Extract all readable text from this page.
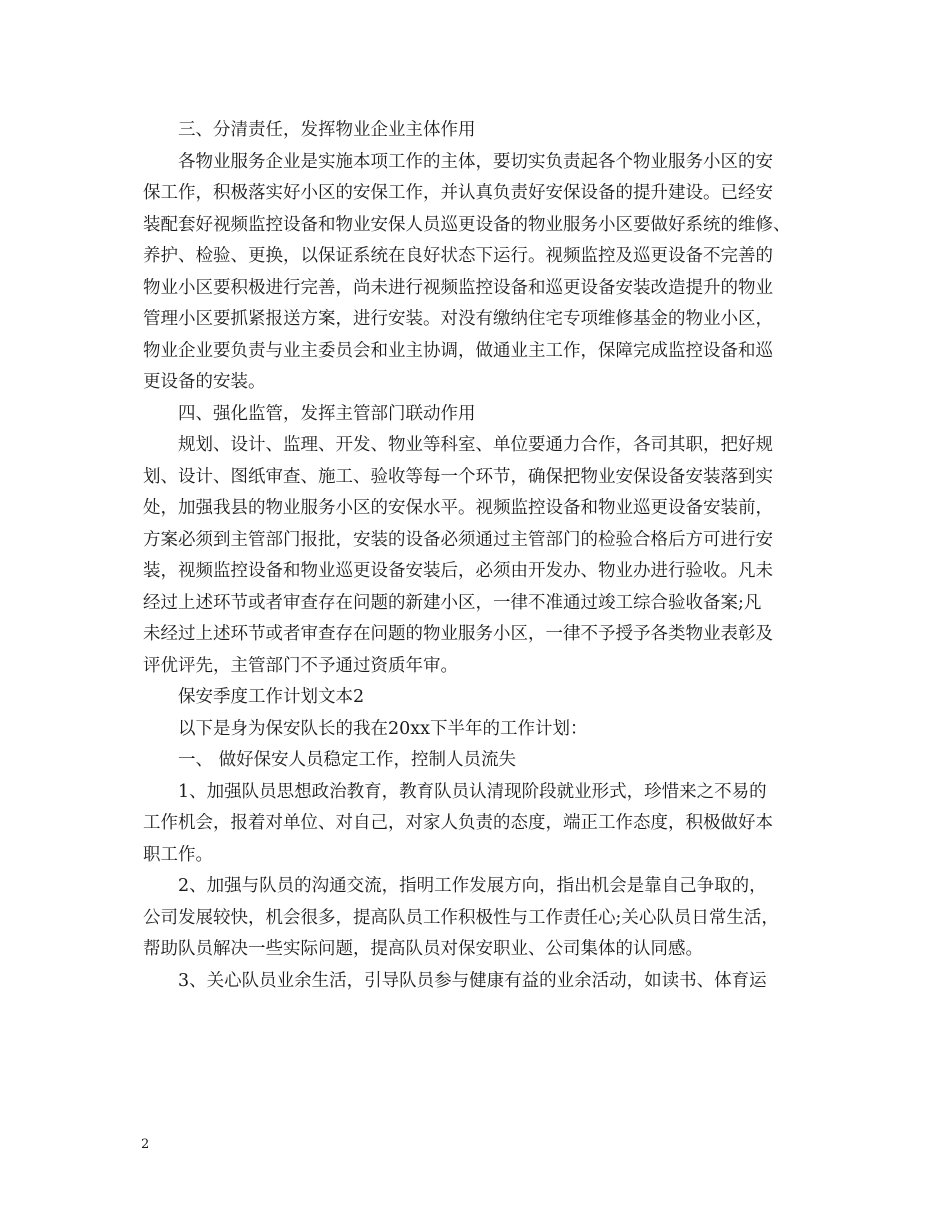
三、分清责任，发挥物业企业主体作用

各物业服务企业是实施本项工作的主体，要切实负责起各个物业服务小区的安
保工作，积极落实好小区的安保工作，并认真负责好安保设备的提升建设。已经安
装配套好视频监控设备和物业安保人员巡更设备的物业服务小区要做好系统的维修、
养护、检验、更换，以保证系统在良好状态下运行。视频监控及巡更设备不完善的
物业小区要积极进行完善，尚未进行视频监控设备和巡更设备安装改造提升的物业
管理小区要抓紧报送方案，进行安装。对没有缴纳住宅专项维修基金的物业小区，
物业企业要负责与业主委员会和业主协调，做通业主工作，保障完成监控设备和巡
更设备的安装。

四、强化监管，发挥主管部门联动作用

规划、设计、监理、开发、物业等科室、单位要通力合作，各司其职，把好规
划、设计、图纸审查、施工、验收等每一个环节，确保把物业安保设备安装落到实
处，加强我县的物业服务小区的安保水平。视频监控设备和物业巡更设备安装前，
方案必须到主管部门报批，安装的设备必须通过主管部门的检验合格后方可进行安
装，视频监控设备和物业巡更设备安装后，必须由开发办、物业办进行验收。凡未
经过上述环节或者审查存在问题的新建小区，一律不准通过竣工综合验收备案;凡
未经过上述环节或者审查存在问题的物业服务小区，一律不予授予各类物业表彰及
评优评先，主管部门不予通过资质年审。

保安季度工作计划文本2

以下是身为保安队长的我在20xx下半年的工作计划：

一、 做好保安人员稳定工作，控制人员流失

1、加强队员思想政治教育，教育队员认清现阶段就业形式，珍惜来之不易的
工作机会，报着对单位、对自己，对家人负责的态度，端正工作态度，积极做好本
职工作。

2、加强与队员的沟通交流，指明工作发展方向，指出机会是靠自己争取的，
公司发展较快，机会很多，提高队员工作积极性与工作责任心;关心队员日常生活，
帮助队员解决一些实际问题，提高队员对保安职业、公司集体的认同感。

3、关心队员业余生活，引导队员参与健康有益的业余活动，如读书、体育运

2
